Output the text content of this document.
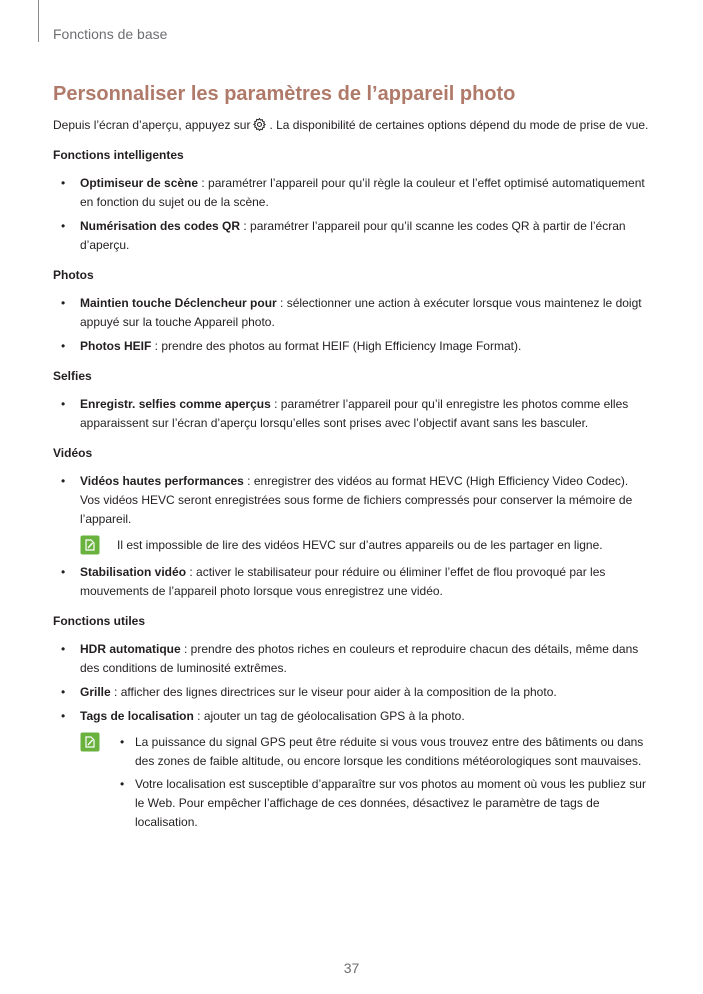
Fonctions de base
Personnaliser les paramètres de l’appareil photo

Depuis l’écran d’aperçu, appuyez sur . La disponibilité de certaines options dépend du mode de prise de vue.

Fonctions intelligentes
• Optimiseur de scène : paramétrer l’appareil pour qu’il règle la couleur et l’effet optimisé automatiquement en fonction du sujet ou de la scène.
• Numérisation des codes QR : paramétrer l’appareil pour qu’il scanne les codes QR à partir de l’écran d’aperçu.
Photos
• Maintien touche Déclencheur pour : sélectionner une action à exécuter lorsque vous maintenez le doigt appuyé sur la touche Appareil photo.
• Photos HEIF : prendre des photos au format HEIF (High Efficiency Image Format).
Selfies
• Enregistr. selfies comme aperçus : paramétrer l’appareil pour qu’il enregistre les photos comme elles apparaissent sur l’écran d’aperçu lorsqu’elles sont prises avec l’objectif avant sans les basculer.
Vidéos
• Vidéos hautes performances : enregistrer des vidéos au format HEVC (High Efficiency Video Codec). Vos vidéos HEVC seront enregistrées sous forme de fichiers compressés pour conserver la mémoire de l’appareil.
Il est impossible de lire des vidéos HEVC sur d’autres appareils ou de les partager en ligne.
• Stabilisation vidéo : activer le stabilisateur pour réduire ou éliminer l’effet de flou provoqué par les mouvements de l’appareil photo lorsque vous enregistrez une vidéo.
Fonctions utiles
• HDR automatique : prendre des photos riches en couleurs et reproduire chacun des détails, même dans des conditions de luminosité extrêmes.
• Grille : afficher des lignes directrices sur le viseur pour aider à la composition de la photo.
• Tags de localisation : ajouter un tag de géolocalisation GPS à la photo.
• La puissance du signal GPS peut être réduite si vous vous trouvez entre des bâtiments ou dans des zones de faible altitude, ou encore lorsque les conditions météorologiques sont mauvaises.
• Votre localisation est susceptible d’apparaître sur vos photos au moment où vous les publiez sur le Web. Pour empêcher l’affichage de ces données, désactivez le paramètre de tags de localisation.
37
